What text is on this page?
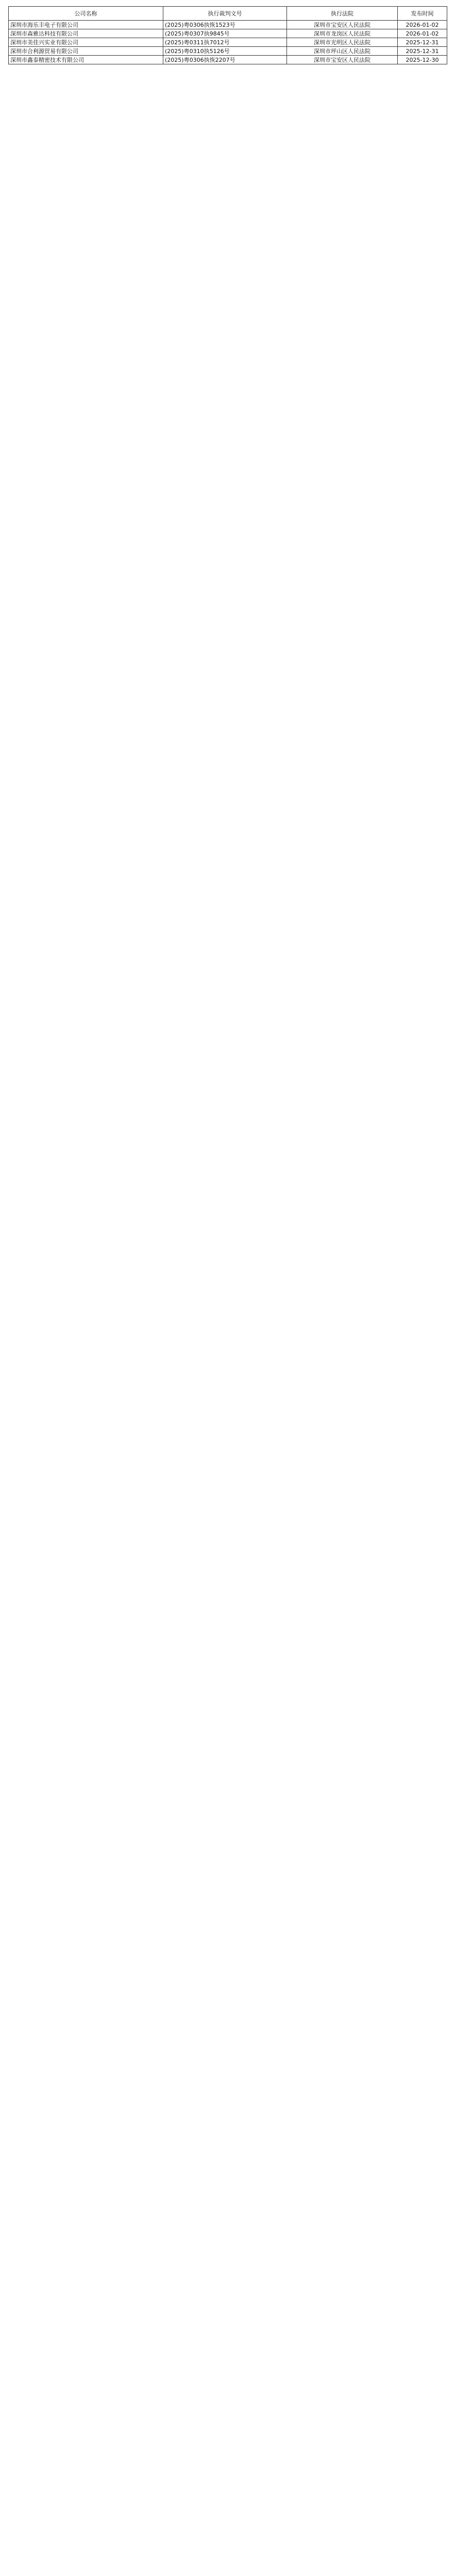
公司名称	执行裁判文号	执行法院	发布时间
深圳市海乐丰电子有限公司	(2025)粤0306执恢1523号	深圳市宝安区人民法院	2026-01-02
深圳市森雅达科技有限公司	(2025)粤0307执9845号	深圳市龙岗区人民法院	2026-01-02
深圳市美佳兴实业有限公司	(2025)粤0311执7012号	深圳市光明区人民法院	2025-12-31
深圳市合利源贸易有限公司	(2025)粤0310执5126号	深圳市坪山区人民法院	2025-12-31
深圳市鑫泰精密技术有限公司	(2025)粤0306执恢2207号	深圳市宝安区人民法院	2025-12-30
